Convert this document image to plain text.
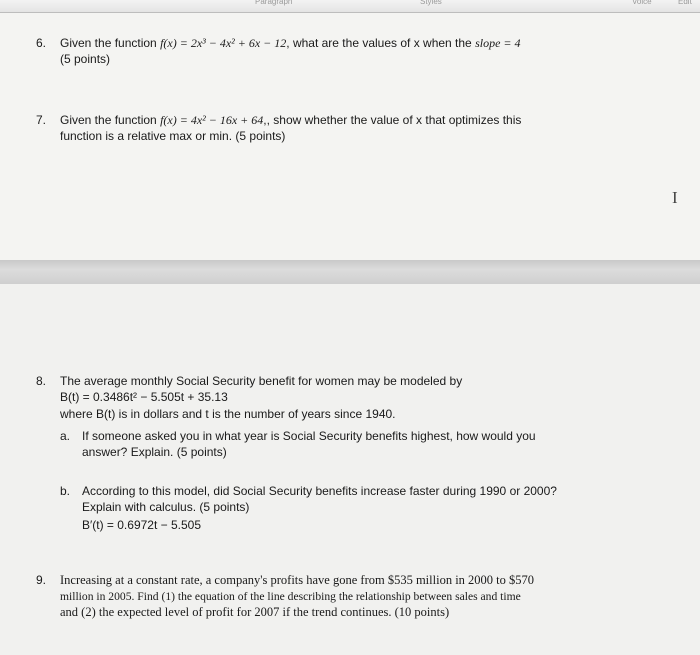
Paragraph	Styles	Voice	Edit
6. Given the function f(x) = 2x³ − 4x² + 6x − 12, what are the values of x when the slope = 4
(5 points)
7. Given the function f(x) = 4x² − 16x + 64,, show whether the value of x that optimizes this
function is a relative max or min. (5 points)
I
8. The average monthly Social Security benefit for women may be modeled by
B(t) = 0.3486t² − 5.505t + 35.13
where B(t) is in dollars and t is the number of years since 1940.
a. If someone asked you in what year is Social Security benefits highest, how would you
answer? Explain. (5 points)
b. According to this model, did Social Security benefits increase faster during 1990 or 2000?
Explain with calculus. (5 points)
B′(t) = 0.6972t − 5.505
9. Increasing at a constant rate, a company's profits have gone from $535 million in 2000 to $570
million in 2005. Find (1) the equation of the line describing the relationship between sales and time
and (2) the expected level of profit for 2007 if the trend continues. (10 points)
